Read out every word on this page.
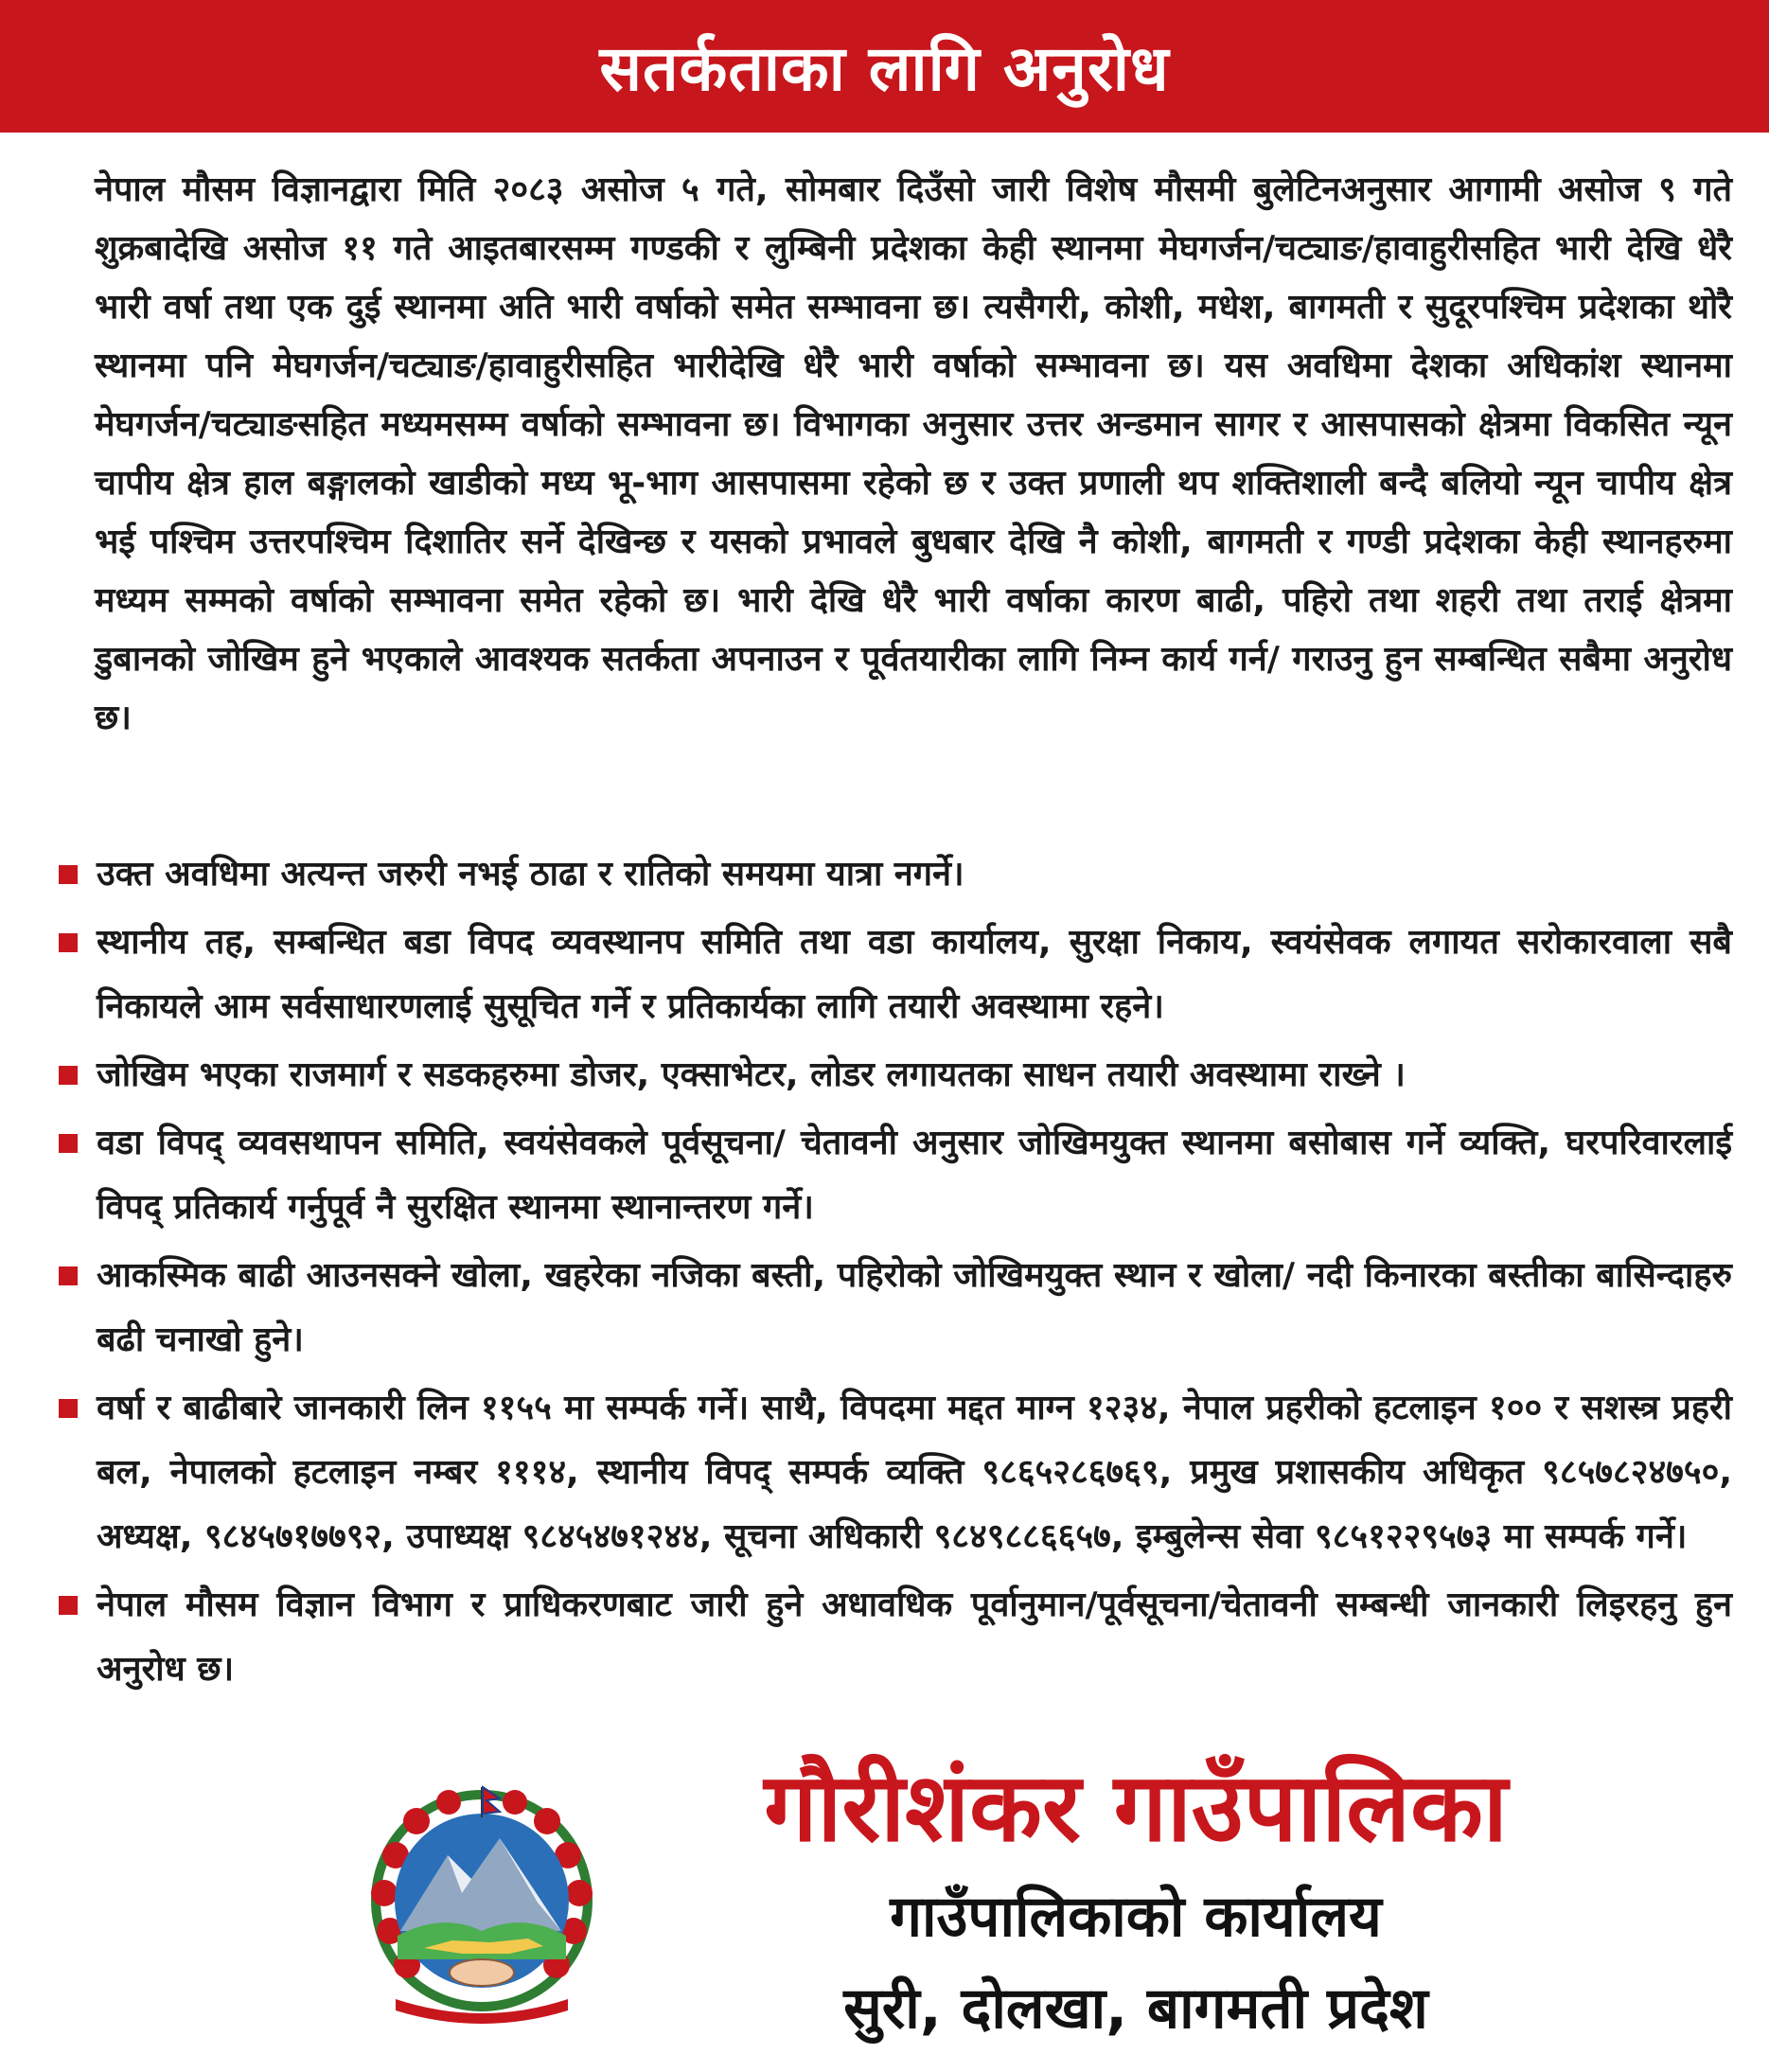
सतर्कताका लागि अनुरोध

नेपाल मौसम विज्ञानद्वारा मिति २०८३ असोज ५ गते, सोमबार दिउँसो जारी विशेष मौसमी बुलेटिनअनुसार आगामी असोज ९ गते शुक्रबादेखि असोज ११ गते आइतबारसम्म गण्डकी र लुम्बिनी प्रदेशका केही स्थानमा मेघगर्जन/चट्याङ/हावाहुरीसहित भारी देखि धेरै भारी वर्षा तथा एक दुई स्थानमा अति भारी वर्षाको समेत सम्भावना छ। त्यसैगरी, कोशी, मधेश, बागमती र सुदूरपश्चिम प्रदेशका थोरै स्थानमा पनि मेघगर्जन/चट्याङ/हावाहुरीसहित भारीदेखि धेरै भारी वर्षाको सम्भावना छ। यस अवधिमा देशका अधिकांश स्थानमा मेघगर्जन/चट्याङसहित मध्यमसम्म वर्षाको सम्भावना छ। विभागका अनुसार उत्तर अन्डमान सागर र आसपासको क्षेत्रमा विकसित न्यून चापीय क्षेत्र हाल बङ्गालको खाडीको मध्य भू-भाग आसपासमा रहेको छ र उक्त प्रणाली थप शक्तिशाली बन्दै बलियो न्यून चापीय क्षेत्र भई पश्चिम उत्तरपश्चिम दिशातिर सर्ने देखिन्छ र यसको प्रभावले बुधबार देखि नै कोशी, बागमती र गण्डी प्रदेशका केही स्थानहरुमा मध्यम सम्मको वर्षाको सम्भावना समेत रहेको छ। भारी देखि धेरै भारी वर्षाका कारण बाढी, पहिरो तथा शहरी तथा तराई क्षेत्रमा डुबानको जोखिम हुने भएकाले आवश्यक सतर्कता अपनाउन र पूर्वतयारीका लागि निम्न कार्य गर्न/ गराउनु हुन सम्बन्धित सबैमा अनुरोध छ।

उक्त अवधिमा अत्यन्त जरुरी नभई ठाढा र रातिको समयमा यात्रा नगर्ने।
स्थानीय तह, सम्बन्धित बडा विपद व्यवस्थानप समिति तथा वडा कार्यालय, सुरक्षा निकाय, स्वयंसेवक लगायत सरोकारवाला सबै निकायले आम सर्वसाधारणलाई सुसूचित गर्ने र प्रतिकार्यका लागि तयारी अवस्थामा रहने।
जोखिम भएका राजमार्ग र सडकहरुमा डोजर, एक्साभेटर, लोडर लगायतका साधन तयारी अवस्थामा राख्ने ।
वडा विपद् व्यवसथापन समिति, स्वयंसेवकले पूर्वसूचना/ चेतावनी अनुसार जोखिमयुक्त स्थानमा बसोबास गर्ने व्यक्ति, घरपरिवारलाई विपद् प्रतिकार्य गर्नुपूर्व नै सुरक्षित स्थानमा स्थानान्तरण गर्ने।
आकस्मिक बाढी आउनसक्ने खोला, खहरेका नजिका बस्ती, पहिरोको जोखिमयुक्त स्थान र खोला/ नदी किनारका बस्तीका बासिन्दाहरु बढी चनाखो हुने।
वर्षा र बाढीबारे जानकारी लिन ११५५ मा सम्पर्क गर्ने। साथै, विपदमा मद्दत माग्न १२३४, नेपाल प्रहरीको हटलाइन १०० र सशस्त्र प्रहरी बल, नेपालको हटलाइन नम्बर १११४, स्थानीय विपद् सम्पर्क व्यक्ति ९८६५२८६७६९, प्रमुख प्रशासकीय अधिकृत ९८५७८२४७५०, अध्यक्ष, ९८४५७१७७९२, उपाध्यक्ष ९८४५४७१२४४, सूचना अधिकारी ९८४९८८६६५७, इम्बुलेन्स सेवा ९८५१२२९५७३ मा सम्पर्क गर्ने।
नेपाल मौसम विज्ञान विभाग र प्राधिकरणबाट जारी हुने अधावधिक पूर्वानुमान/पूर्वसूचना/चेतावनी सम्बन्धी जानकारी लिइरहनु हुन अनुरोध छ।
गौरीशंकर गाउँपालिका
गाउँपालिकाको कार्यालय
सुरी, दोलखा, बागमती प्रदेश
